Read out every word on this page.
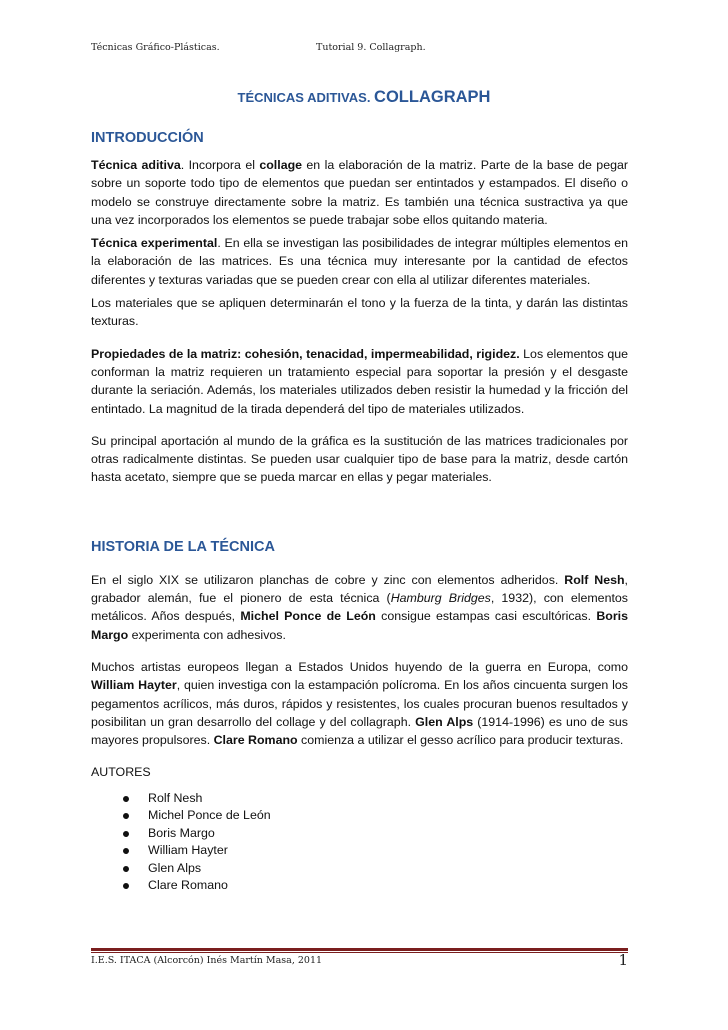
Técnicas Gráfico-Plásticas.	Tutorial 9. Collagraph.
TÉCNICAS ADITIVAS. COLLAGRAPH
INTRODUCCIÓN

Técnica aditiva. Incorpora el collage en la elaboración de la matriz. Parte de la base de pegar sobre un soporte todo tipo de elementos que puedan ser entintados y estampados. El diseño o modelo se construye directamente sobre la matriz. Es también una técnica sustractiva ya que una vez incorporados los elementos se puede trabajar sobe ellos quitando materia.

Técnica experimental. En ella se investigan las posibilidades de integrar múltiples elementos en la elaboración de las matrices. Es una técnica muy interesante por la cantidad de efectos diferentes y texturas variadas que se pueden crear con ella al utilizar diferentes materiales.

Los materiales que se apliquen determinarán el tono y la fuerza de la tinta, y darán las distintas texturas.

Propiedades de la matriz: cohesión, tenacidad, impermeabilidad, rigidez. Los elementos que conforman la matriz requieren un tratamiento especial para soportar la presión y el desgaste durante la seriación. Además, los materiales utilizados deben resistir la humedad y la fricción del entintado. La magnitud de la tirada dependerá del tipo de materiales utilizados.

Su principal aportación al mundo de la gráfica es la sustitución de las matrices tradicionales por otras radicalmente distintas. Se pueden usar cualquier tipo de base para la matriz, desde cartón hasta acetato, siempre que se pueda marcar en ellas y pegar materiales.

HISTORIA DE LA TÉCNICA

En el siglo XIX se utilizaron planchas de cobre y zinc con elementos adheridos. Rolf Nesh, grabador alemán, fue el pionero de esta técnica (Hamburg Bridges, 1932), con elementos metálicos. Años después, Michel Ponce de León consigue estampas casi escultóricas. Boris Margo experimenta con adhesivos.

Muchos artistas europeos llegan a Estados Unidos huyendo de la guerra en Europa, como William Hayter, quien investiga con la estampación polícroma. En los años cincuenta surgen los pegamentos acrílicos, más duros, rápidos y resistentes, los cuales procuran buenos resultados y posibilitan un gran desarrollo del collage y del collagraph. Glen Alps (1914-1996) es uno de sus mayores propulsores. Clare Romano comienza a utilizar el gesso acrílico para producir texturas.

AUTORES

Rolf Nesh
Michel Ponce de León
Boris Margo
William Hayter
Glen Alps
Clare Romano
I.E.S. ITACA (Alcorcón) Inés Martín Masa, 2011	1
